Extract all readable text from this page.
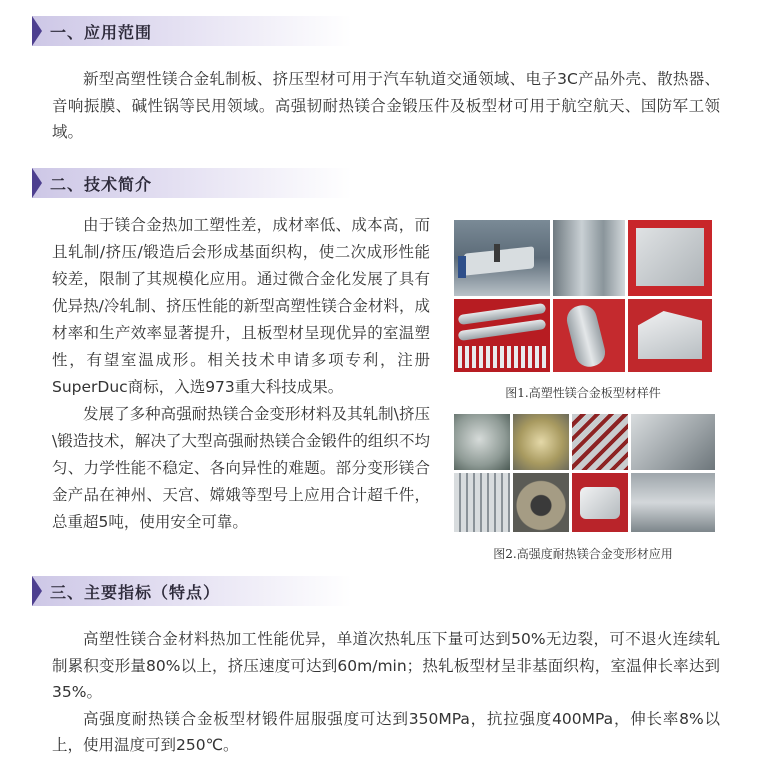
一、应用范围

新型高塑性镁合金轧制板、挤压型材可用于汽车轨道交通领域、电子3C产品外壳、散热器、音响振膜、碱性锅等民用领域。高强韧耐热镁合金锻压件及板型材可用于航空航天、国防军工领域。

二、技术简介

由于镁合金热加工塑性差，成材率低、成本高，而且轧制/挤压/锻造后会形成基面织构，使二次成形性能较差，限制了其规模化应用。通过微合金化发展了具有优异热/冷轧制、挤压性能的新型高塑性镁合金材料，成材率和生产效率显著提升，且板型材呈现优异的室温塑性，有望室温成形。相关技术申请多项专利，注册SuperDuc商标，入选973重大科技成果。

发展了多种高强耐热镁合金变形材料及其轧制\挤压\锻造技术，解决了大型高强耐热镁合金锻件的组织不均匀、力学性能不稳定、各向异性的难题。部分变形镁合金产品在神州、天宫、嫦娥等型号上应用合计超千件，总重超5吨，使用安全可靠。

图1.高塑性镁合金板型材样件
图2.高强度耐热镁合金变形材应用
三、主要指标（特点）

高塑性镁合金材料热加工性能优异，单道次热轧压下量可达到50%无边裂，可不退火连续轧制累积变形量80%以上，挤压速度可达到60m/min；热轧板型材呈非基面织构，室温伸长率达到35%。

高强度耐热镁合金板型材锻件屈服强度可达到350MPa，抗拉强度400MPa，伸长率8%以上，使用温度可到250℃。
